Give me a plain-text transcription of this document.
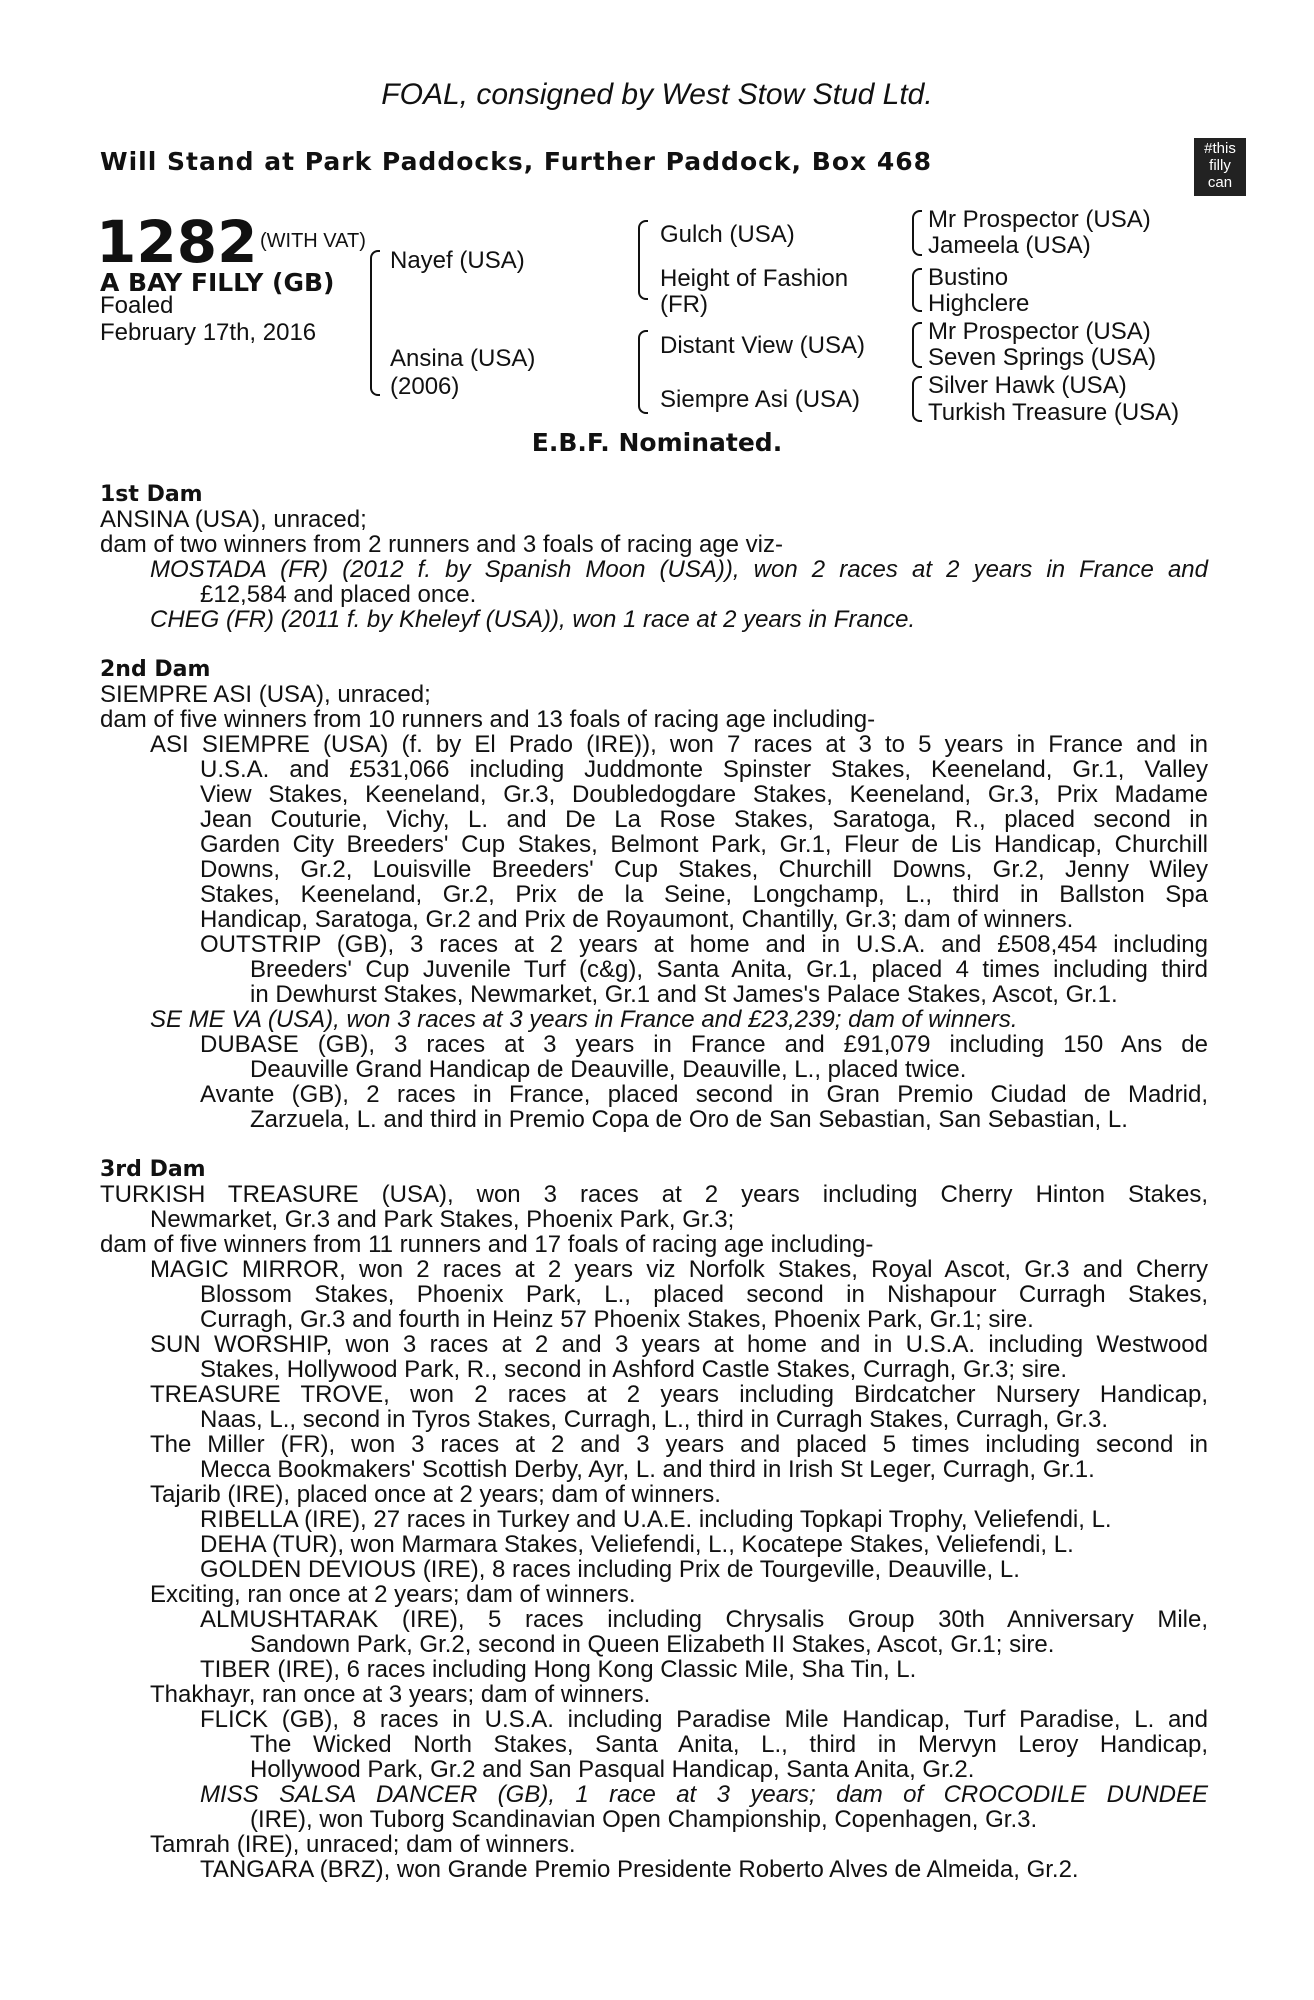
FOAL, consigned by West Stow Stud Ltd.
Will Stand at Park Paddocks, Further Paddock, Box 468	#this
filly
can
1282 (WITH VAT)
A BAY FILLY (GB)
Foaled
February 17th, 2016
Nayef (USA)
Ansina (USA)
(2006)
Gulch (USA)
Height of Fashion
(FR)
Distant View (USA)
Siempre Asi (USA)
Mr Prospector (USA)
Jameela (USA)
Bustino
Highclere
Mr Prospector (USA)
Seven Springs (USA)
Silver Hawk (USA)
Turkish Treasure (USA)
E.B.F. Nominated.
1st Dam
ANSINA (USA), unraced;
dam of two winners from 2 runners and 3 foals of racing age viz-
MOSTADA (FR) (2012 f. by Spanish Moon (USA)), won 2 races at 2 years in France and
£12,584 and placed once.
CHEG (FR) (2011 f. by Kheleyf (USA)), won 1 race at 2 years in France.
2nd Dam
SIEMPRE ASI (USA), unraced;
dam of five winners from 10 runners and 13 foals of racing age including-
ASI SIEMPRE (USA) (f. by El Prado (IRE)), won 7 races at 3 to 5 years in France and in
U.S.A. and £531,066 including Juddmonte Spinster Stakes, Keeneland, Gr.1, Valley
View Stakes, Keeneland, Gr.3, Doubledogdare Stakes, Keeneland, Gr.3, Prix Madame
Jean Couturie, Vichy, L. and De La Rose Stakes, Saratoga, R., placed second in
Garden City Breeders' Cup Stakes, Belmont Park, Gr.1, Fleur de Lis Handicap, Churchill
Downs, Gr.2, Louisville Breeders' Cup Stakes, Churchill Downs, Gr.2, Jenny Wiley
Stakes, Keeneland, Gr.2, Prix de la Seine, Longchamp, L., third in Ballston Spa
Handicap, Saratoga, Gr.2 and Prix de Royaumont, Chantilly, Gr.3; dam of winners.
OUTSTRIP (GB), 3 races at 2 years at home and in U.S.A. and £508,454 including
Breeders' Cup Juvenile Turf (c&g), Santa Anita, Gr.1, placed 4 times including third
in Dewhurst Stakes, Newmarket, Gr.1 and St James's Palace Stakes, Ascot, Gr.1.
SE ME VA (USA), won 3 races at 3 years in France and £23,239; dam of winners.
DUBASE (GB), 3 races at 3 years in France and £91,079 including 150 Ans de
Deauville Grand Handicap de Deauville, Deauville, L., placed twice.
Avante (GB), 2 races in France, placed second in Gran Premio Ciudad de Madrid,
Zarzuela, L. and third in Premio Copa de Oro de San Sebastian, San Sebastian, L.
3rd Dam
TURKISH TREASURE (USA), won 3 races at 2 years including Cherry Hinton Stakes,
Newmarket, Gr.3 and Park Stakes, Phoenix Park, Gr.3;
dam of five winners from 11 runners and 17 foals of racing age including-
MAGIC MIRROR, won 2 races at 2 years viz Norfolk Stakes, Royal Ascot, Gr.3 and Cherry
Blossom Stakes, Phoenix Park, L., placed second in Nishapour Curragh Stakes,
Curragh, Gr.3 and fourth in Heinz 57 Phoenix Stakes, Phoenix Park, Gr.1; sire.
SUN WORSHIP, won 3 races at 2 and 3 years at home and in U.S.A. including Westwood
Stakes, Hollywood Park, R., second in Ashford Castle Stakes, Curragh, Gr.3; sire.
TREASURE TROVE, won 2 races at 2 years including Birdcatcher Nursery Handicap,
Naas, L., second in Tyros Stakes, Curragh, L., third in Curragh Stakes, Curragh, Gr.3.
The Miller (FR), won 3 races at 2 and 3 years and placed 5 times including second in
Mecca Bookmakers' Scottish Derby, Ayr, L. and third in Irish St Leger, Curragh, Gr.1.
Tajarib (IRE), placed once at 2 years; dam of winners.
RIBELLA (IRE), 27 races in Turkey and U.A.E. including Topkapi Trophy, Veliefendi, L.
DEHA (TUR), won Marmara Stakes, Veliefendi, L., Kocatepe Stakes, Veliefendi, L.
GOLDEN DEVIOUS (IRE), 8 races including Prix de Tourgeville, Deauville, L.
Exciting, ran once at 2 years; dam of winners.
ALMUSHTARAK (IRE), 5 races including Chrysalis Group 30th Anniversary Mile,
Sandown Park, Gr.2, second in Queen Elizabeth II Stakes, Ascot, Gr.1; sire.
TIBER (IRE), 6 races including Hong Kong Classic Mile, Sha Tin, L.
Thakhayr, ran once at 3 years; dam of winners.
FLICK (GB), 8 races in U.S.A. including Paradise Mile Handicap, Turf Paradise, L. and
The Wicked North Stakes, Santa Anita, L., third in Mervyn Leroy Handicap,
Hollywood Park, Gr.2 and San Pasqual Handicap, Santa Anita, Gr.2.
MISS SALSA DANCER (GB), 1 race at 3 years; dam of CROCODILE DUNDEE
(IRE), won Tuborg Scandinavian Open Championship, Copenhagen, Gr.3.
Tamrah (IRE), unraced; dam of winners.
TANGARA (BRZ), won Grande Premio Presidente Roberto Alves de Almeida, Gr.2.
